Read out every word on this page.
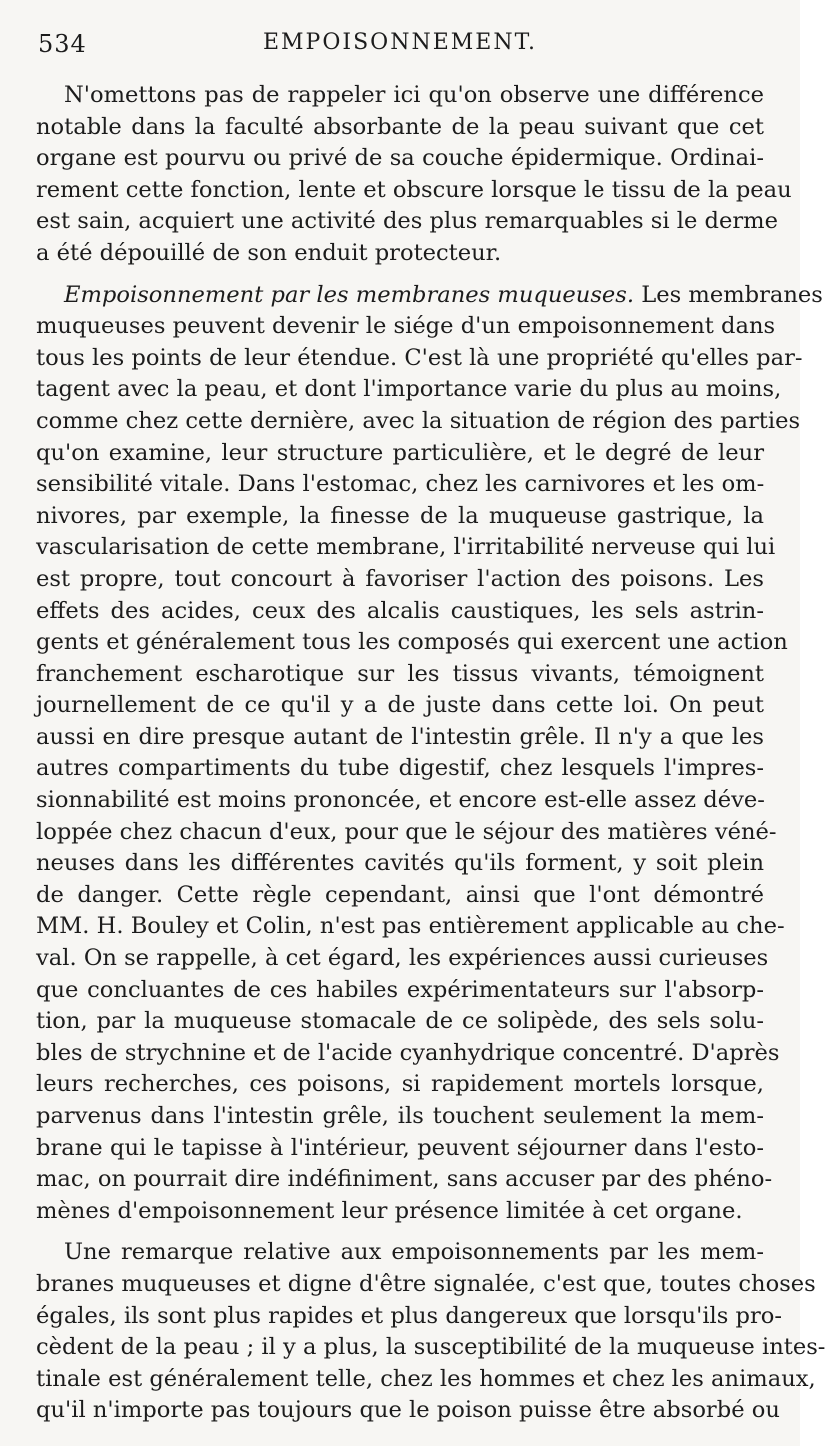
534	EMPOISONNEMENT.

N'omettons pas de rappeler ici qu'on observe une différence
notable dans la faculté absorbante de la peau suivant que cet
organe est pourvu ou privé de sa couche épidermique. Ordinai-
rement cette fonction, lente et obscure lorsque le tissu de la peau
est sain, acquiert une activité des plus remarquables si le derme
a été dépouillé de son enduit protecteur.

Empoisonnement par les membranes muqueuses. Les membranes
muqueuses peuvent devenir le siége d'un empoisonnement dans
tous les points de leur étendue. C'est là une propriété qu'elles par-
tagent avec la peau, et dont l'importance varie du plus au moins,
comme chez cette dernière, avec la situation de région des parties
qu'on examine, leur structure particulière, et le degré de leur
sensibilité vitale. Dans l'estomac, chez les carnivores et les om-
nivores, par exemple, la finesse de la muqueuse gastrique, la
vascularisation de cette membrane, l'irritabilité nerveuse qui lui
est propre, tout concourt à favoriser l'action des poisons. Les
effets des acides, ceux des alcalis caustiques, les sels astrin-
gents et généralement tous les composés qui exercent une action
franchement escharotique sur les tissus vivants, témoignent
journellement de ce qu'il y a de juste dans cette loi. On peut
aussi en dire presque autant de l'intestin grêle. Il n'y a que les
autres compartiments du tube digestif, chez lesquels l'impres-
sionnabilité est moins prononcée, et encore est-elle assez déve-
loppée chez chacun d'eux, pour que le séjour des matières véné-
neuses dans les différentes cavités qu'ils forment, y soit plein
de danger. Cette règle cependant, ainsi que l'ont démontré
MM. H. Bouley et Colin, n'est pas entièrement applicable au che-
val. On se rappelle, à cet égard, les expériences aussi curieuses
que concluantes de ces habiles expérimentateurs sur l'absorp-
tion, par la muqueuse stomacale de ce solipède, des sels solu-
bles de strychnine et de l'acide cyanhydrique concentré. D'après
leurs recherches, ces poisons, si rapidement mortels lorsque,
parvenus dans l'intestin grêle, ils touchent seulement la mem-
brane qui le tapisse à l'intérieur, peuvent séjourner dans l'esto-
mac, on pourrait dire indéfiniment, sans accuser par des phéno-
mènes d'empoisonnement leur présence limitée à cet organe.

Une remarque relative aux empoisonnements par les mem-
branes muqueuses et digne d'être signalée, c'est que, toutes choses
égales, ils sont plus rapides et plus dangereux que lorsqu'ils pro-
cèdent de la peau ; il y a plus, la susceptibilité de la muqueuse intes-
tinale est généralement telle, chez les hommes et chez les animaux,
qu'il n'importe pas toujours que le poison puisse être absorbé ou
